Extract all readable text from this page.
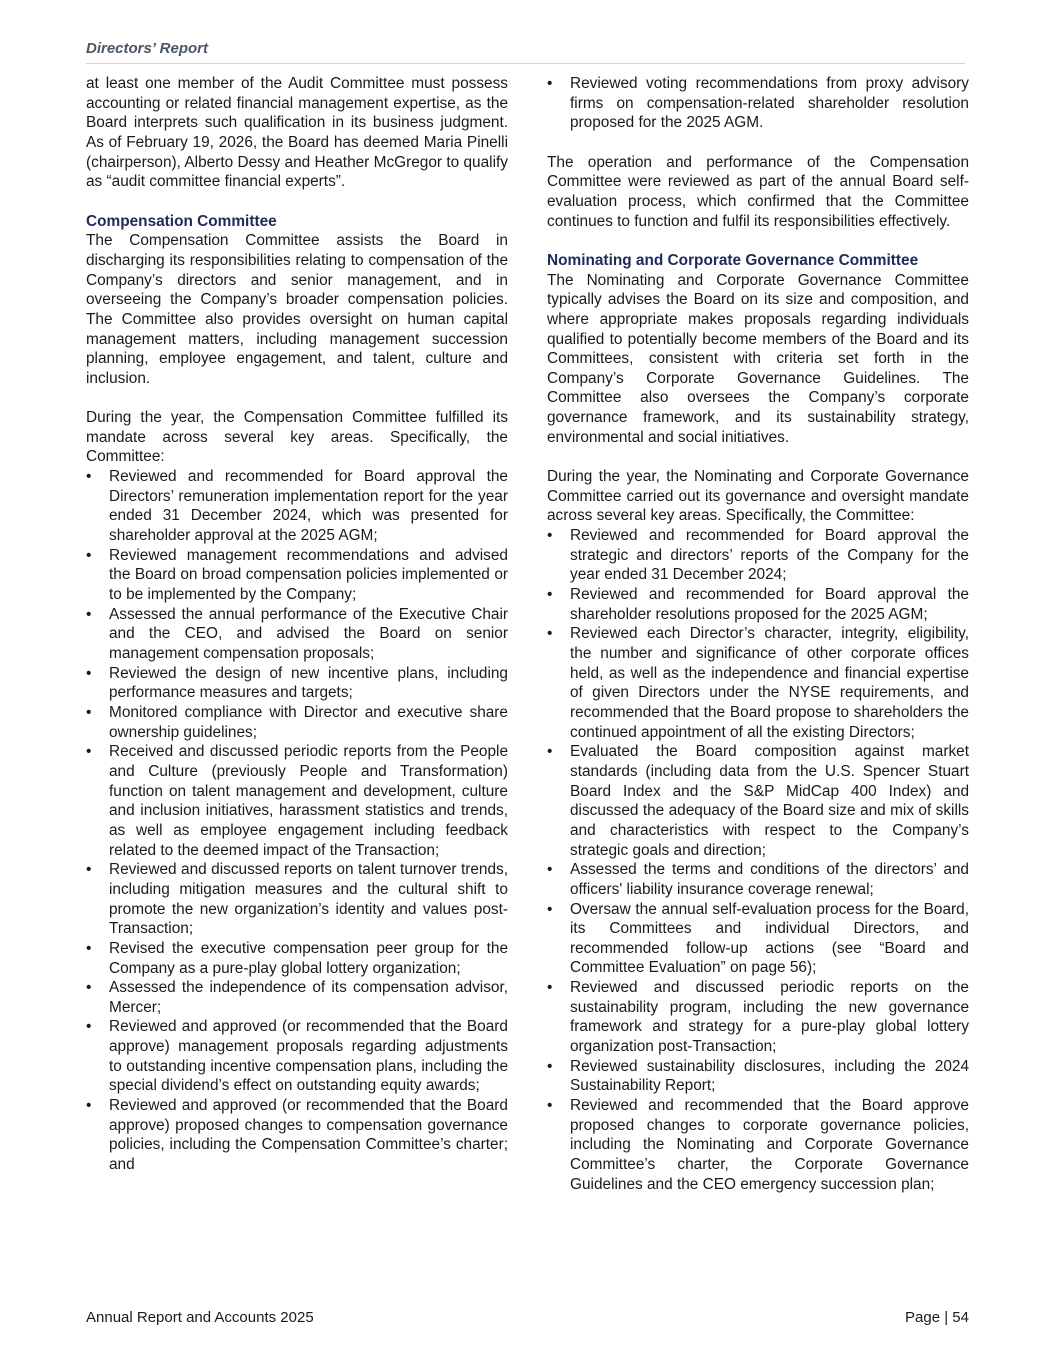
Directors’ Report

at least one member of the Audit Committee must possess accounting or related financial management expertise, as the Board interprets such qualification in its business judgment. As of February 19, 2026, the Board has deemed Maria Pinelli (chairperson), Alberto Dessy and Heather McGregor to qualify as “audit committee financial experts”.

Compensation Committee

The Compensation Committee assists the Board in discharging its responsibilities relating to compensation of the Company’s directors and senior management, and in overseeing the Company’s broader compensation policies. The Committee also provides oversight on human capital management matters, including management succession planning, employee engagement, and talent, culture and inclusion.

During the year, the Compensation Committee fulfilled its mandate across several key areas. Specifically, the Committee:

• Reviewed and recommended for Board approval the Directors’ remuneration implementation report for the year ended 31 December 2024, which was presented for shareholder approval at the 2025 AGM;
• Reviewed management recommendations and advised the Board on broad compensation policies implemented or to be implemented by the Company;
• Assessed the annual performance of the Executive Chair and the CEO, and advised the Board on senior management compensation proposals;
• Reviewed the design of new incentive plans, including performance measures and targets;
• Monitored compliance with Director and executive share ownership guidelines;
• Received and discussed periodic reports from the People and Culture (previously People and Transformation) function on talent management and development, culture and inclusion initiatives, harassment statistics and trends, as well as employee engagement including feedback related to the deemed impact of the Transaction;
• Reviewed and discussed reports on talent turnover trends, including mitigation measures and the cultural shift to promote the new organization’s identity and values post-Transaction;
• Revised the executive compensation peer group for the Company as a pure-play global lottery organization;
• Assessed the independence of its compensation advisor, Mercer;
• Reviewed and approved (or recommended that the Board approve) management proposals regarding adjustments to outstanding incentive compensation plans, including the special dividend’s effect on outstanding equity awards;
• Reviewed and approved (or recommended that the Board approve) proposed changes to compensation governance policies, including the Compensation Committee’s charter; and
• Reviewed voting recommendations from proxy advisory firms on compensation-related shareholder resolution proposed for the 2025 AGM.

The operation and performance of the Compensation Committee were reviewed as part of the annual Board self-evaluation process, which confirmed that the Committee continues to function and fulfil its responsibilities effectively.

Nominating and Corporate Governance Committee

The Nominating and Corporate Governance Committee typically advises the Board on its size and composition, and where appropriate makes proposals regarding individuals qualified to potentially become members of the Board and its Committees, consistent with criteria set forth in the Company’s Corporate Governance Guidelines. The Committee also oversees the Company’s corporate governance framework, and its sustainability strategy, environmental and social initiatives.

During the year, the Nominating and Corporate Governance Committee carried out its governance and oversight mandate across several key areas. Specifically, the Committee:

• Reviewed and recommended for Board approval the strategic and directors’ reports of the Company for the year ended 31 December 2024;
• Reviewed and recommended for Board approval the shareholder resolutions proposed for the 2025 AGM;
• Reviewed each Director’s character, integrity, eligibility, the number and significance of other corporate offices held, as well as the independence and financial expertise of given Directors under the NYSE requirements, and recommended that the Board propose to shareholders the continued appointment of all the existing Directors;
• Evaluated the Board composition against market standards (including data from the U.S. Spencer Stuart Board Index and the S&P MidCap 400 Index) and discussed the adequacy of the Board size and mix of skills and characteristics with respect to the Company’s strategic goals and direction;
• Assessed the terms and conditions of the directors’ and officers' liability insurance coverage renewal;
• Oversaw the annual self-evaluation process for the Board, its Committees and individual Directors, and recommended follow-up actions (see “Board and Committee Evaluation” on page 56);
• Reviewed and discussed periodic reports on the sustainability program, including the new governance framework and strategy for a pure-play global lottery organization post-Transaction;
• Reviewed sustainability disclosures, including the 2024 Sustainability Report;
• Reviewed and recommended that the Board approve proposed changes to corporate governance policies, including the Nominating and Corporate Governance Committee’s charter, the Corporate Governance Guidelines and the CEO emergency succession plan;
Annual Report and Accounts 2025	Page | 54
